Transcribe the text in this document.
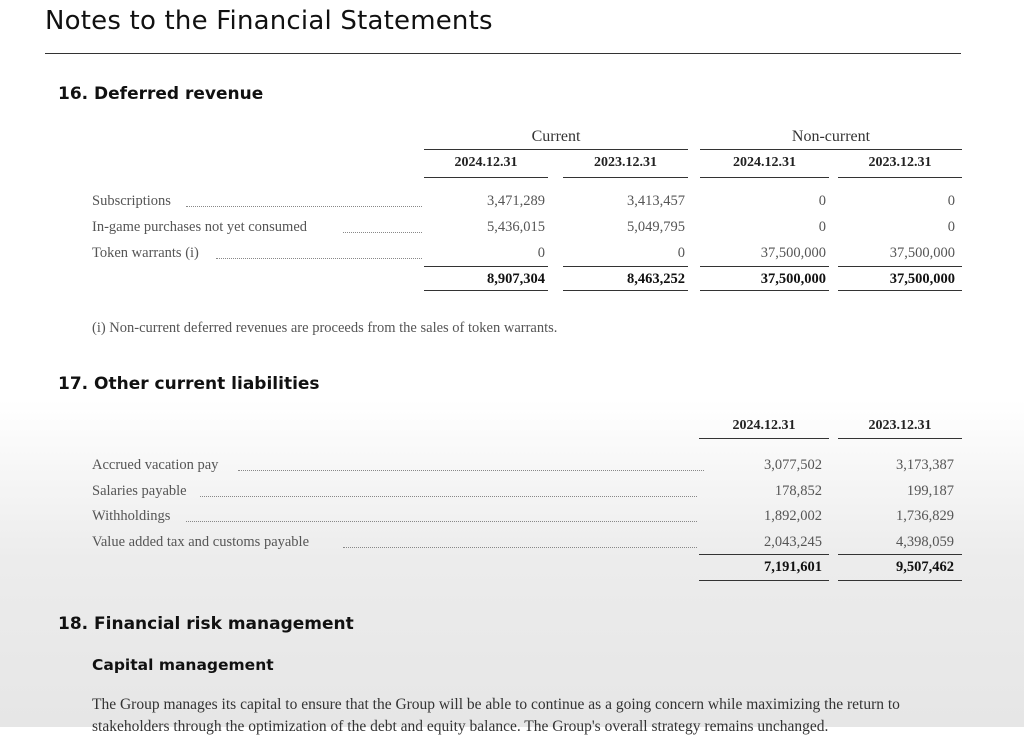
Notes to the Financial Statements
16. Deferred revenue
Current	Non-current
2024.12.31	2023.12.31	2024.12.31	2023.12.31
Subscriptions	3,471,289	3,413,457	0	0
In-game purchases not yet consumed	5,436,015	5,049,795	0	0
Token warrants (i)	0	0	37,500,000	37,500,000
8,907,304	8,463,252	37,500,000	37,500,000
(i) Non-current deferred revenues are proceeds from the sales of token warrants.
17. Other current liabilities
2024.12.31	2023.12.31
Accrued vacation pay	3,077,502	3,173,387
Salaries payable	178,852	199,187
Withholdings	1,892,002	1,736,829
Value added tax and customs payable	2,043,245	4,398,059
7,191,601	9,507,462
18. Financial risk management
Capital management
The Group manages its capital to ensure that the Group will be able to continue as a going concern while maximizing the return to
stakeholders through the optimization of the debt and equity balance. The Group's overall strategy remains unchanged.
